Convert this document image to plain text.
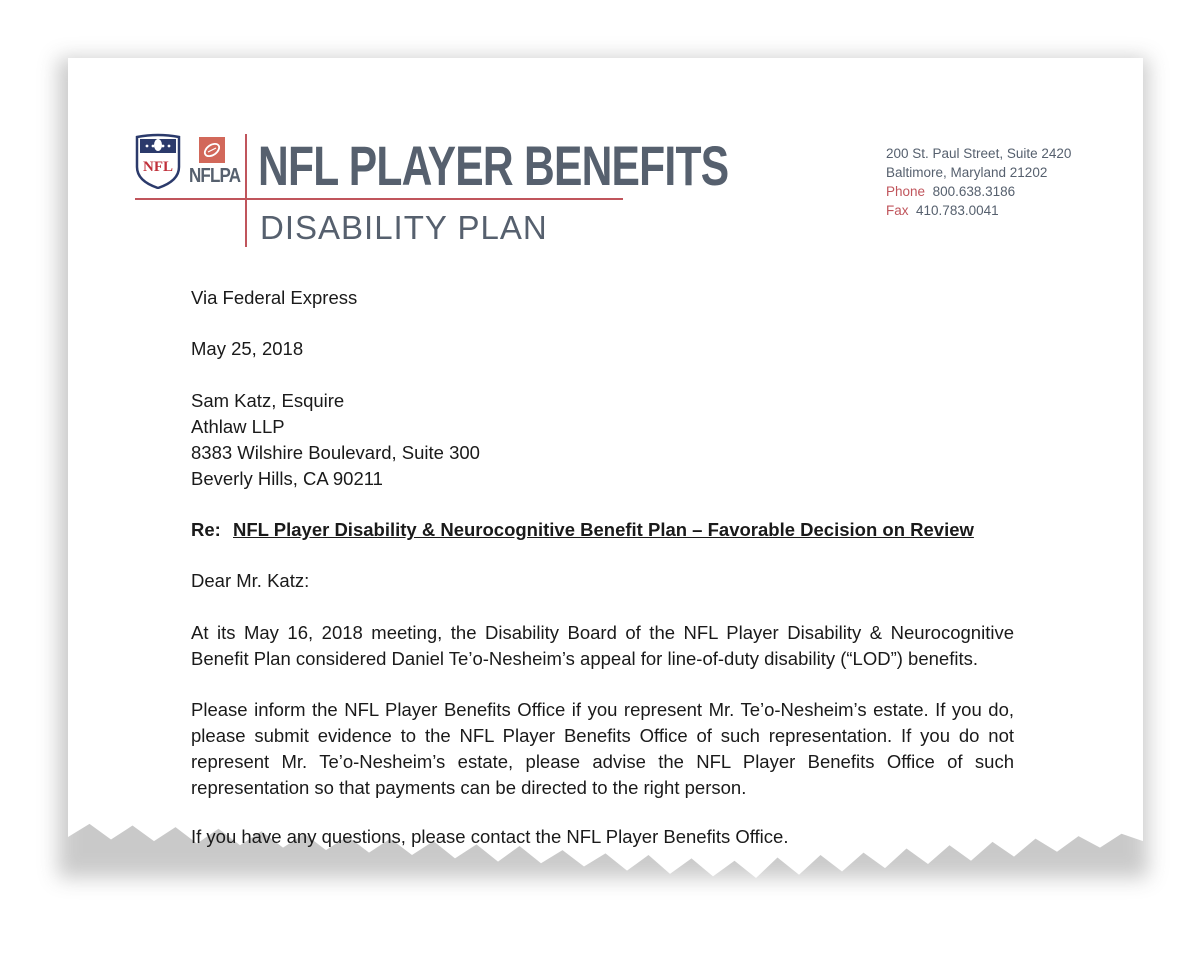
NFL NFLPA NFL PLAYER BENEFITS
DISABILITY PLAN
200 St. Paul Street, Suite 2420
Baltimore, Maryland 21202
Phone 800.638.3186
Fax 410.783.0041
Via Federal Express
May 25, 2018
Sam Katz, Esquire
Athlaw LLP
8383 Wilshire Boulevard, Suite 300
Beverly Hills, CA 90211
Re: NFL Player Disability & Neurocognitive Benefit Plan – Favorable Decision on Review
Dear Mr. Katz:
At its May 16, 2018 meeting, the Disability Board of the NFL Player Disability & Neurocognitive Benefit Plan considered Daniel Te’o-Nesheim’s appeal for line-of-duty disability (“LOD”) benefits.
Please inform the NFL Player Benefits Office if you represent Mr. Te’o-Nesheim’s estate. If you do, please submit evidence to the NFL Player Benefits Office of such representation. If you do not represent Mr. Te’o-Nesheim’s estate, please advise the NFL Player Benefits Office of such representation so that payments can be directed to the right person.
If you have any questions, please contact the NFL Player Benefits Office.
